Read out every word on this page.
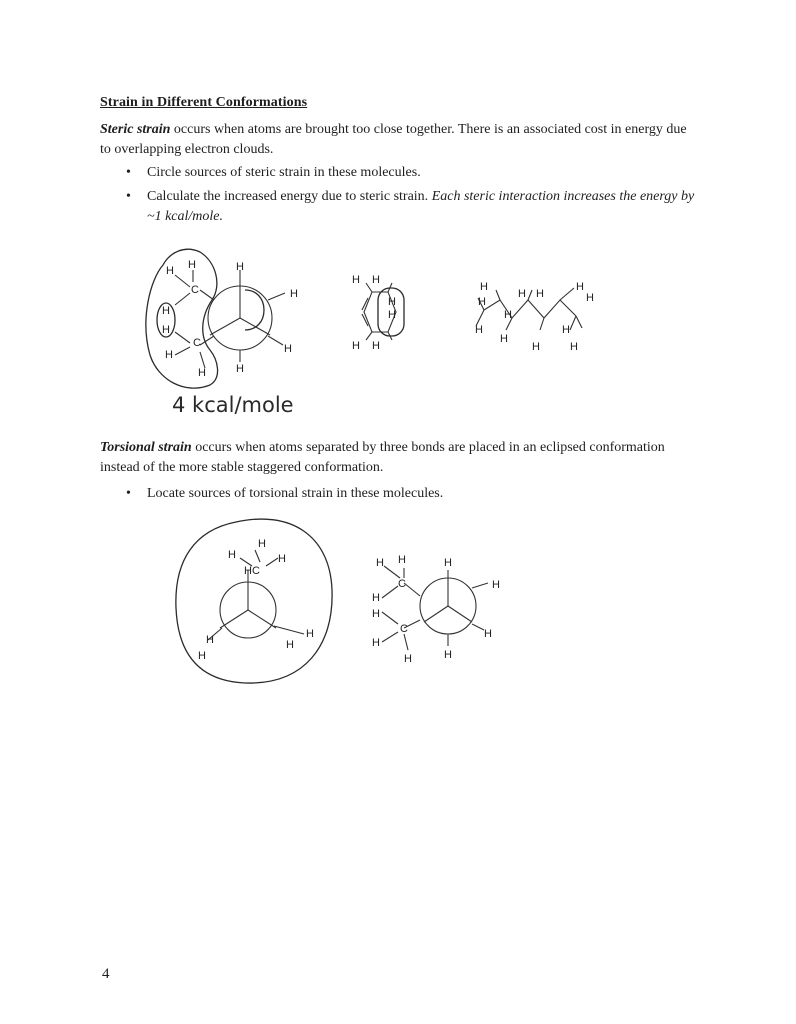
Strain in Different Conformations
Steric strain occurs when atoms are brought too close together. There is an associated cost in energy due to overlapping electron clouds.
• Circle sources of steric strain in these molecules.
• Calculate the increased energy due to steric strain. Each steric interaction increases the energy by ~1 kcal/mole.
H H	H
C	H
H
H
C	H
H
H
H
4 kcal/mole
H H
H
H
H H
H
H
H H
H
H
H
H
H
H
H
H
H
H	H
HC
H
H
H
H
H H	H
C	H
H
H
C	H
H
H
H
Torsional strain occurs when atoms separated by three bonds are placed in an eclipsed conformation instead of the more stable staggered conformation.
• Locate sources of torsional strain in these molecules.
4
